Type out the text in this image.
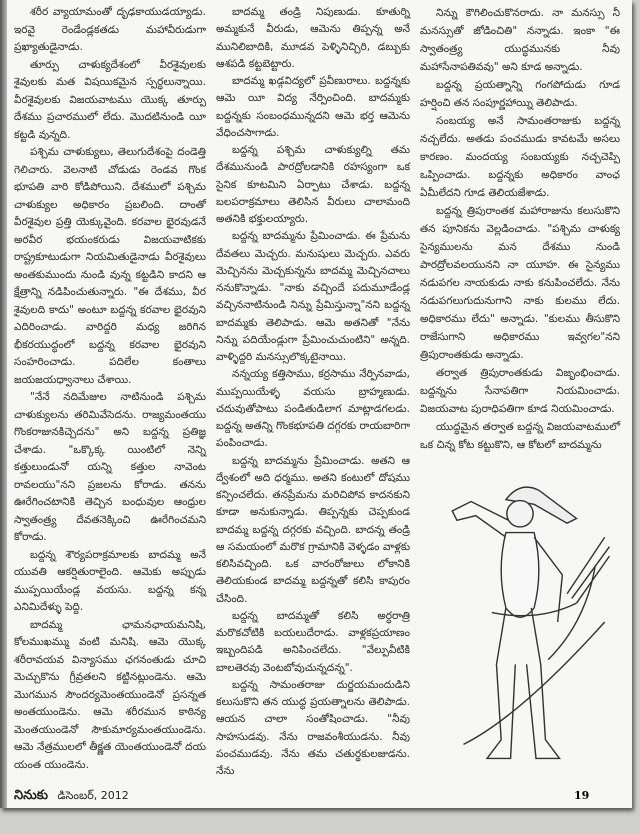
శరీర వ్యాయామంతో దృఢకాయుడయ్యాడు. ఇరవై రెండేండ్లకతడు మహావీరుడుగా ప్రఖ్యాతుడైనాడు.

తూర్పు చాళుక్యదేశంలో వీరశైవులకు శైవులకు మత విషయికమైన స్పర్ధలున్నాయి. వీరశైవులకు విజయవాటము యొక్క తూర్పు దేశము ప్రచారములో లేదు. మొదటినుండి యీ కట్టడి వున్నది.

పశ్చిమ చాళుక్యులు, తెలుగుదేశంపై దండెత్తి గెలిచారు. వెలనాటి చోడుడు రెండవ గొంక భూపతి వారి కోడిపోయిని. దేశములో పశ్చిమ చాళుక్యుల అధికారం ప్రబలింది. దాంతో వీరశైవుల ప్రత్తి యెక్కువైంది. కరవాల భైరవుడనే అరవీర భయంకరుడు విజయవాటికకు రాష్ట్రకూటుడుగా నియమితుడైనాడు వీరశైవులు అంతకుముందు నుండి వున్న కట్టడిని కాదని ఆ క్షేత్రాన్ని నడిపించుతున్నారు. "ఈ దేశము, వీర శైవులది కాదు" అంటూ బద్దన్న కరవాల భైరవుని ఎదిరించాడు. వారిద్దరి మధ్య జరిగిన భీకరయుద్ధంలో బద్దన్న కరవాల భైరవుని సంహరించాడు. పదిలేల కంతాలు జయజయధ్వానాలు చేశాయి.

"నేనే నదిమేజుల నాటినుండి పశ్చిమ చాళుక్యులను తరిమివేసెదను. రాజ్యమంతయు గొంకరాజునకిచ్చెదను" అని బద్దన్న ప్రతిజ్ఞ చేశాడు. "ఒక్కొక్క యింటిలో నెన్ని కత్తులుండునో యన్ని కత్తుల నావెంట రావలయు"నని ప్రజలను కోరాడు. తనను ఊరేగించటానికి తెచ్చిన బంధువుల ఆంధ్రుల స్వాతంత్ర్య దేవతనెక్కించి ఊరేగించమని కోరాడు.

బద్దన్న శౌర్యపరాక్రమాలకు బాదమ్మ అనే యువతి ఆకర్షితురాలైంది. ఆమెకు అప్పుడు ముప్పయియేండ్ల వయసు. బద్దన్న కన్న ఎనిమిదేళ్ళు పెద్ది.

బాదమ్మ ఛామనఛాయమనిషి, కోలముఖమ్ము వంటి మనిషి. ఆమె యొక్క శరీరావయవ విన్యాసము ఛగనంతుడు చూచి మెచ్చుకొను గ్రీవ్రతలని కట్టినట్లుండెను. ఆమె మొగమున సౌందర్యమెంతయుండెనో ప్రసన్నత అంతయుండెను. ఆమె శరీరమున కాఠిన్య మెంతయుండెనో సౌకుమార్యమంతయుండెను. ఆమె నేత్రములలో తీక్ష్ణత యెంతయుండెనో దయ యంత యుండెను.

బాదమ్మ తండ్రి నిపుణుడు. కూతుర్ని అమ్మకునే వీరుడు, ఆమెను తిప్పన్న అనే మునిలిబాదికి, మూడవ పెళ్ళినిచ్చిరి, డబ్బుకు ఆశపడి కట్టబెట్టారు.

బాదమ్మ ఖడ్గవిద్యలో ప్రవీణురాలు. బద్దన్నకు ఆమె యీ విద్య నేర్పించింది. బాదమ్మకు బద్దన్నకు సంబంధమున్నదని ఆమె భర్త ఆమెను వేధించసాగాడు.

బద్దన్న పశ్చిమ చాళుక్యుల్ని తమ దేశమునుండి పారద్రోలడానికి రహస్యంగా ఒక సైనిక కూటమిని ఏర్పాటు చేశాడు. బద్దన్న బలపరాక్రమాలు తెలిసిన వీరులు చాలామంది అతనికి భక్తులయ్యారు.

బద్దన్న బాదమ్మను ప్రేమించాడు. ఈ ప్రేమను దేవతలు మెచ్చరు. మనుషులు మెచ్చరు. ఎవరు మెచ్చినను మెచ్చకున్నను బాదమ్మ మెచ్చినచాలు ననుకొన్నాడు. "నాకు వచ్చిందే పదుమూడేండ్ల వచ్చిననాటినుండి నిన్ను ప్రేమిస్తున్నా"నని బద్దన్న బాదమ్మకు తెలిపాడు. ఆమె అతనితో "నేను నిన్ను పదియేండ్లుగా ప్రేమించుచుంటిని" అన్నది. వాళ్ళిద్దరి మనస్సులొక్కటైనాయి.

నన్నయ్య కత్తిసాము, కర్రసాము నేర్పినవాడు, ముప్పయియేళ్ళ వయసు బ్రాహ్మణుడు. చదువుతోపాటు పండితుడిలాగ మాట్లాడగలడు. బద్దన్న అతన్ని గొంకభూపతి దగ్గరకు రాయబారిగా పంపించాడు.

బద్దన్న బాదమ్మను ప్రేమించాడు. అతని ఆ ద్వేశంలో అది ధర్మము. అతని కంటులో దోషము కన్పించలేదు. తనప్రేమను మరిచిపోవ కాదనకుని కూడా అనుకున్నాడు. తిప్పన్నకు చెప్పకుండ బాదమ్మ బద్దన్న దగ్గరకు వచ్చింది. బాదన్న తండ్రి ఆ సమయంలో మరొక గ్రామానికి వెళ్ళడం వాళ్లకు కలిసివచ్చింది. ఒక వారంరోజులు లోకానికి తెలియకుండ బాదమ్మ బద్దన్నతో కలిసి కాపురం చేసింది.

బద్దన్న బాదమ్మతో కలిసి అర్ధరాత్రి మరొకచోటికి బయలుదేరాడు. వాళ్లకప్రయాణం ఇబ్బందిపడి అనిపించలేదు. "వేల్పువీటికి బాలతెరవు వెంటబోవుచున్నదన్న".

బద్దన్న సామంతరాజు దుర్జయమందుడిని కలుసుకొని తన యుద్ధ ప్రయత్నాలను తెలిపాడు. ఆయన చాలా సంతోషించాడు. "నీవు సాహసుడవు. నేను రాజవంశీయుడను. నీవు పంచముడవు. నేను తమ చతుర్థకులజుడను. నేను

నిన్ను కౌగిలించుకొనరాదు. నా మనస్సు నీ మనస్సుతో జోడించితి" నన్నాడు. ఇంకా "ఈ స్వాతంత్ర్య యుద్ధమునకు నీవు మహాసేనాపతివవు" అని కూడ అన్నాడు.

బద్దన్న ప్రయత్నాన్ని గంగపోదుడు గూడ హర్షించి తన సంపూర్ణహాయ్ని తెలిపాడు.

సంబయ్య అనే సామంతరాజుకు బద్దన్న నచ్చలేదు. అతడు పంచముడు కావటమే అసలు కారణం. మందయ్య సంబయ్యకు నచ్చచెప్పి ఒప్పించాడు. బద్దన్నకు అధికారం వాంఛ ఏమీలేదని గూడ తెలియజేశాడు.

బద్దన్న త్రిపురాంతక మహారాజును కలుసుకొని తన పూనికను వెల్లడించాడు. "పశ్చిమ చాళుక్య సైన్యములను మన దేశము నుండి పారద్రోలవలయునని నా యూహ. ఈ సైన్యము నడుపగల నాయకుడు నాకు కనుపించలేదు. నేను నడుపగలుగుదునుగాని నాకు కులము లేదు. అధికారము లేదు" అన్నాడు. "కులము తీసుకొని రాజేసుగాని అధికారము ఇవ్వగల"నని త్రిపురాంతకుడు అన్నాడు.

తర్వాత త్రిపురాంతకుడు విజృంభించాడు. బద్దన్నను సేనాపతిగా నియమించాడు. విజయవాట పురాధిపతిగా కూడ నియమించాడు.

యుద్ధమైన తర్వాత బద్దన్న విజయవాటములో ఒక చిన్న కోట కట్టుకొని, ఆ కోటలో బాదమ్మను

నినుకు డిసెంబర్, 2012	19
